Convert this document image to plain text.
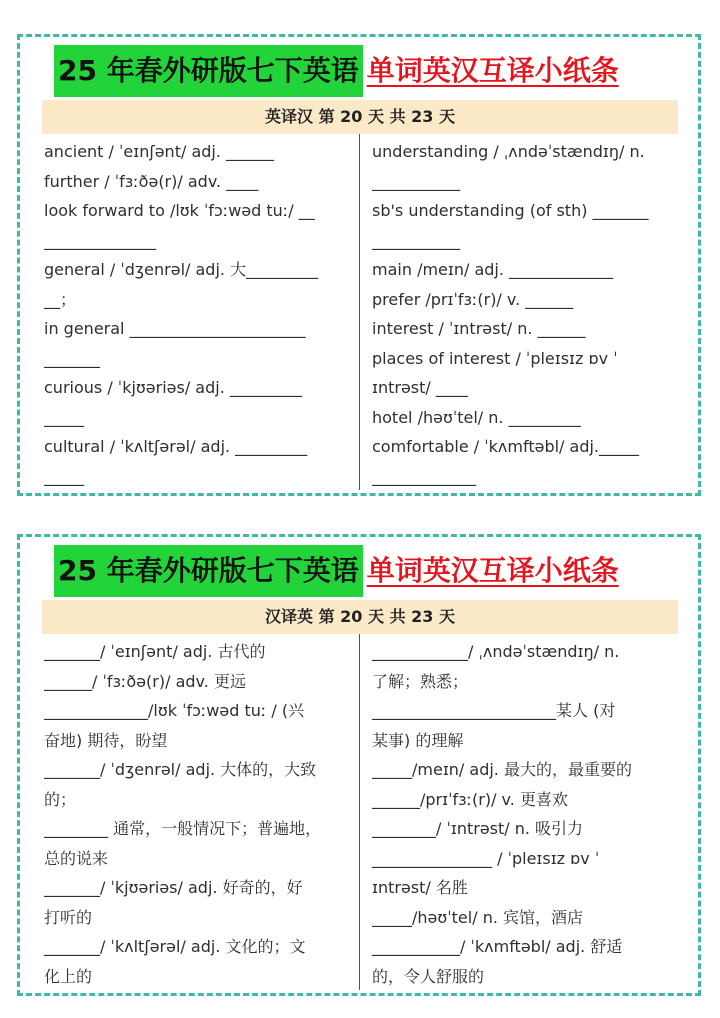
25 年春外研版七下英语 单词英汉互译小纸条
英译汉 第 20 天 共 23 天
ancient / ˈeɪnʃənt/ adj. ______
further / ˈfɜːðə(r)/ adv. ____
look forward to /lʊk ˈfɔːwəd tuː/ __
______________
general / ˈdʒenrəl/ adj. 大_________
__；
in general ______________________
_______
curious / ˈkjʊəriəs/ adj. _________
_____
cultural / ˈkʌltʃərəl/ adj. _________
_____
understanding / ˌʌndəˈstændɪŋ/ n.
___________
sb's understanding (of sth) _______
___________
main /meɪn/ adj. _____________
prefer /prɪˈfɜː(r)/ v. ______
interest / ˈɪntrəst/ n. ______
places of interest / ˈpleɪsɪz ɒv ˈ
ɪntrəst/ ____
hotel /həʊˈtel/ n. _________
comfortable / ˈkʌmftəbl/ adj._____
_____________
25 年春外研版七下英语 单词英汉互译小纸条
汉译英 第 20 天 共 23 天
_______/ ˈeɪnʃənt/ adj. 古代的
______/ ˈfɜːðə(r)/ adv. 更远
_____________/lʊk ˈfɔːwəd tuː / (兴
奋地) 期待，盼望
_______/ ˈdʒenrəl/ adj. 大体的，大致
的；
________ 通常，一般情况下；普遍地，
总的说来
_______/ ˈkjʊəriəs/ adj. 好奇的，好
打听的
_______/ ˈkʌltʃərəl/ adj. 文化的；文
化上的
____________/ ˌʌndəˈstændɪŋ/ n.
了解；熟悉；
_______________________某人 (对
某事) 的理解
_____/meɪn/ adj. 最大的，最重要的
______/prɪˈfɜː(r)/ v. 更喜欢
________/ ˈɪntrəst/ n. 吸引力
_______________ / ˈpleɪsɪz ɒv ˈ
ɪntrəst/ 名胜
_____/həʊˈtel/ n. 宾馆，酒店
___________/ ˈkʌmftəbl/ adj. 舒适
的，令人舒服的
